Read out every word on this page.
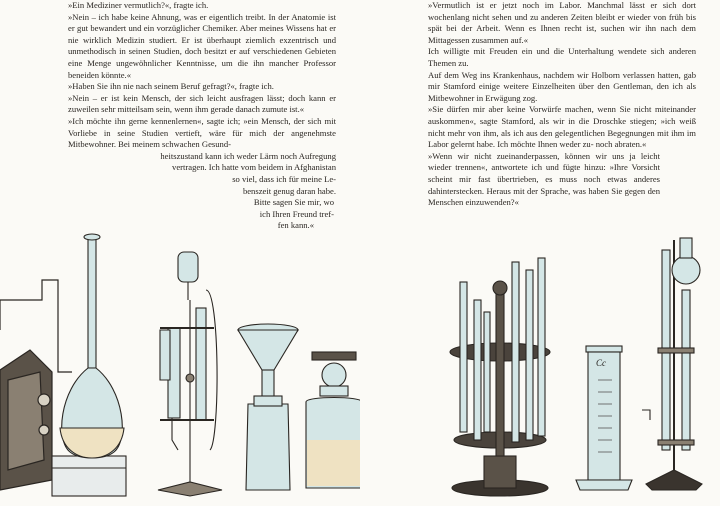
»Ein Mediziner vermutlich?«, fragte ich.

»Nein – ich habe keine Ahnung, was er eigentlich treibt. In der Anatomie ist er gut bewandert und ein vorzüglicher Chemiker. Aber meines Wissens hat er nie wirklich Medizin studiert. Er ist überhaupt ziemlich exzentrisch und unmethodisch in seinen Studien, doch besitzt er auf verschiedenen Gebieten eine Menge ungewöhnlicher Kenntnisse, um die ihn mancher Professor beneiden könnte.«

»Haben Sie ihn nie nach seinem Beruf gefragt?«, fragte ich.

»Nein – er ist kein Mensch, der sich leicht ausfragen lässt; doch kann er zuweilen sehr mitteilsam sein, wenn ihm gerade danach zumute ist.«

»Ich möchte ihn gerne kennenlernen«, sagte ich; »ein Mensch, der sich mit Vorliebe in seine Studien vertieft, wäre für mich der angenehmste Mitbewohner. Bei meinem schwachen Gesund-

heitszustand kann ich weder Lärm noch Aufregung
vertragen. Ich hatte vom beidem in Afghanistan
so viel, dass ich für meine Le-
benszeit genug daran habe.
Bitte sagen Sie mir, wo
ich Ihren Freund tref-
fen kann.«

»Vermutlich ist er jetzt noch im Labor. Manchmal lässt er sich dort wochenlang nicht sehen und zu anderen Zeiten bleibt er wieder von früh bis spät bei der Arbeit. Wenn es Ihnen recht ist, suchen wir ihn nach dem Mittagessen zusammen auf.«

Ich willigte mit Freuden ein und die Unterhaltung wendete sich anderen Themen zu.

Auf dem Weg ins Krankenhaus, nachdem wir Holborn verlassen hatten, gab mir Stamford einige weitere Einzelheiten über den Gentleman, den ich als Mitbewohner in Erwägung zog.

»Sie dürfen mir aber keine Vorwürfe machen, wenn Sie nicht miteinander auskommen«, sagte Stamford, als wir in die Droschke stiegen; »ich weiß nicht mehr von ihm, als ich aus den gelegentlichen Begegnungen mit ihm im Labor gelernt habe. Ich möchte Ihnen weder zu- noch abraten.«

»Wenn wir nicht zueinanderpassen, können wir uns ja leicht wieder trennen«, antwortete ich und fügte hinzu: »Ihre Vorsicht scheint mir fast übertrieben, es muss noch etwas anderes dahinterstecken. Heraus mit der Sprache, was haben Sie gegen den Menschen einzuwenden?«

Cc
